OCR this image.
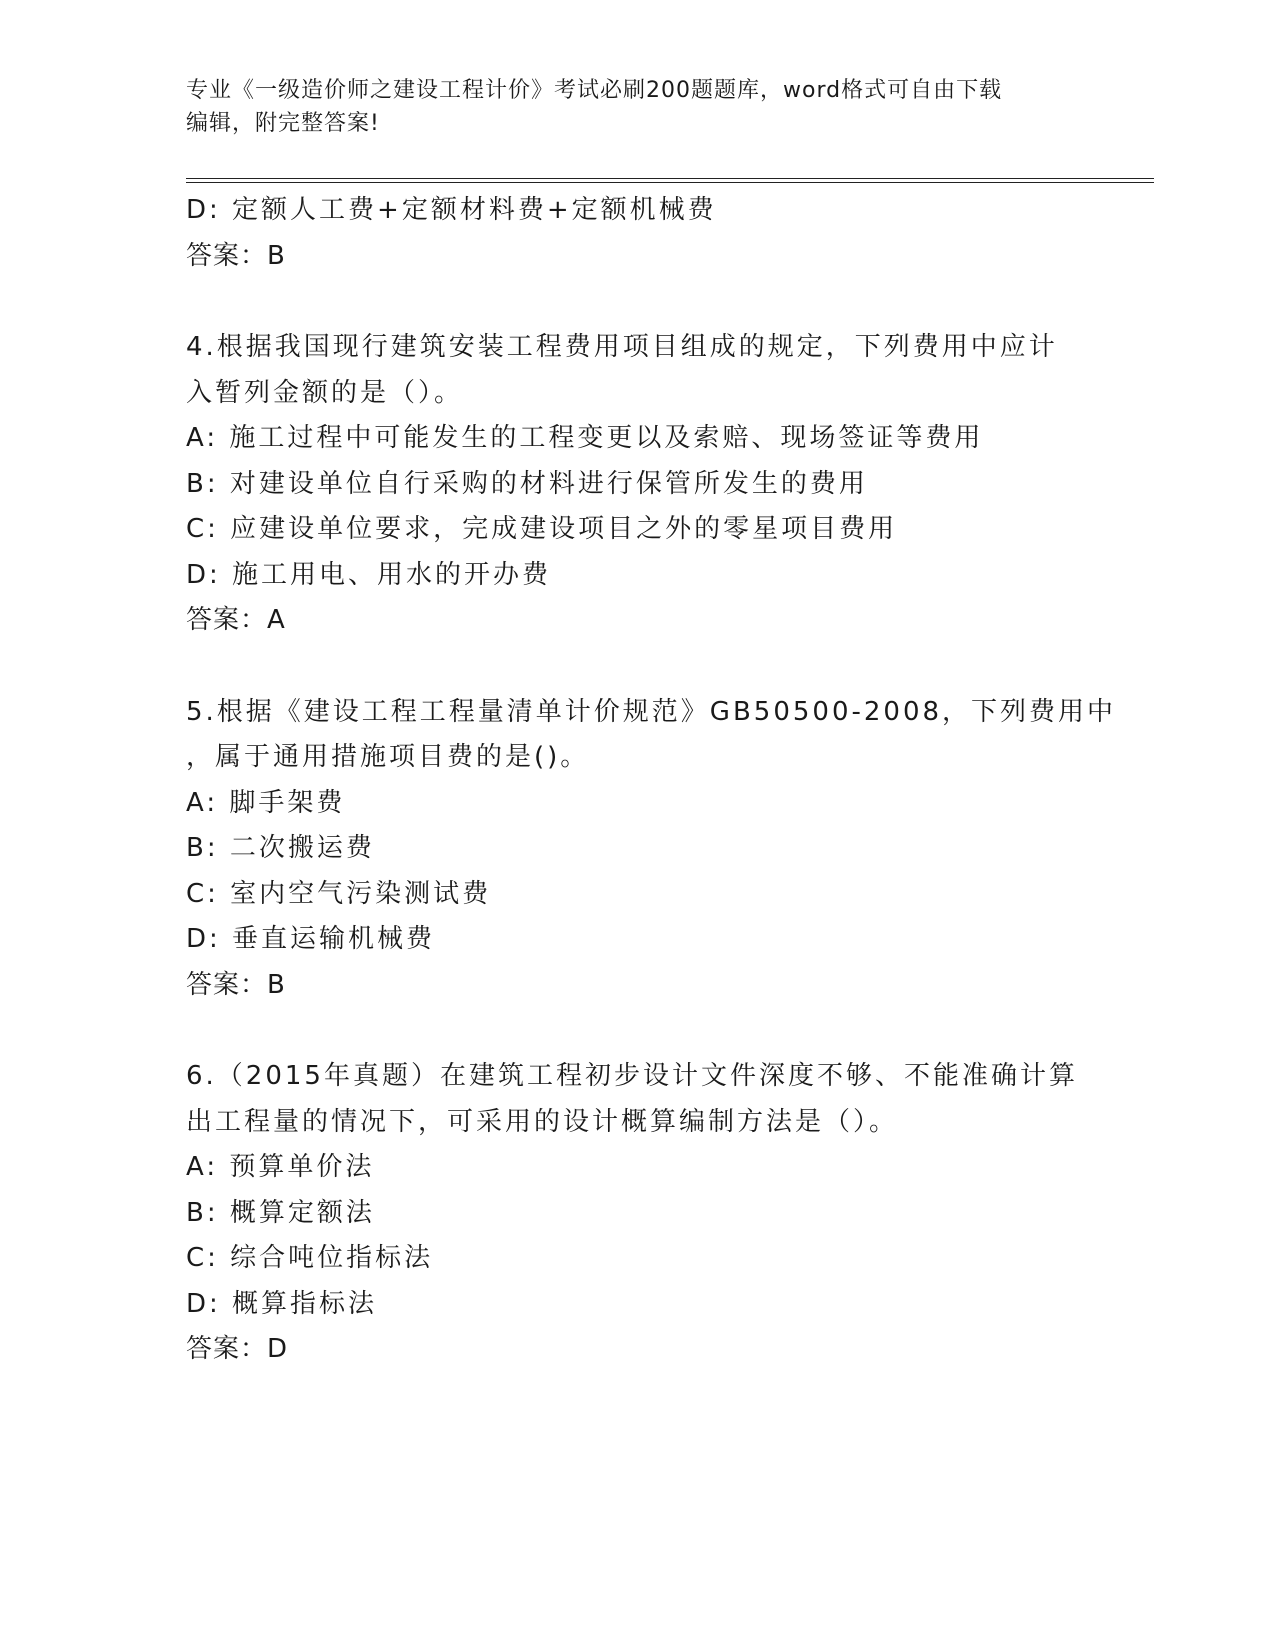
专业《一级造价师之建设工程计价》考试必刷200题题库，word格式可自由下载
编辑，附完整答案!
D: 定额人工费+定额材料费+定额机械费
答案：B
4.根据我国现行建筑安装工程费用项目组成的规定，下列费用中应计
入暂列金额的是（）。
A: 施工过程中可能发生的工程变更以及索赔、现场签证等费用
B: 对建设单位自行采购的材料进行保管所发生的费用
C: 应建设单位要求，完成建设项目之外的零星项目费用
D: 施工用电、用水的开办费
答案：A
5.根据《建设工程工程量清单计价规范》GB50500-2008，下列费用中
，属于通用措施项目费的是()。
A: 脚手架费
B: 二次搬运费
C: 室内空气污染测试费
D: 垂直运输机械费
答案：B
6.（2015年真题）在建筑工程初步设计文件深度不够、不能准确计算
出工程量的情况下，可采用的设计概算编制方法是（）。
A: 预算单价法
B: 概算定额法
C: 综合吨位指标法
D: 概算指标法
答案：D
